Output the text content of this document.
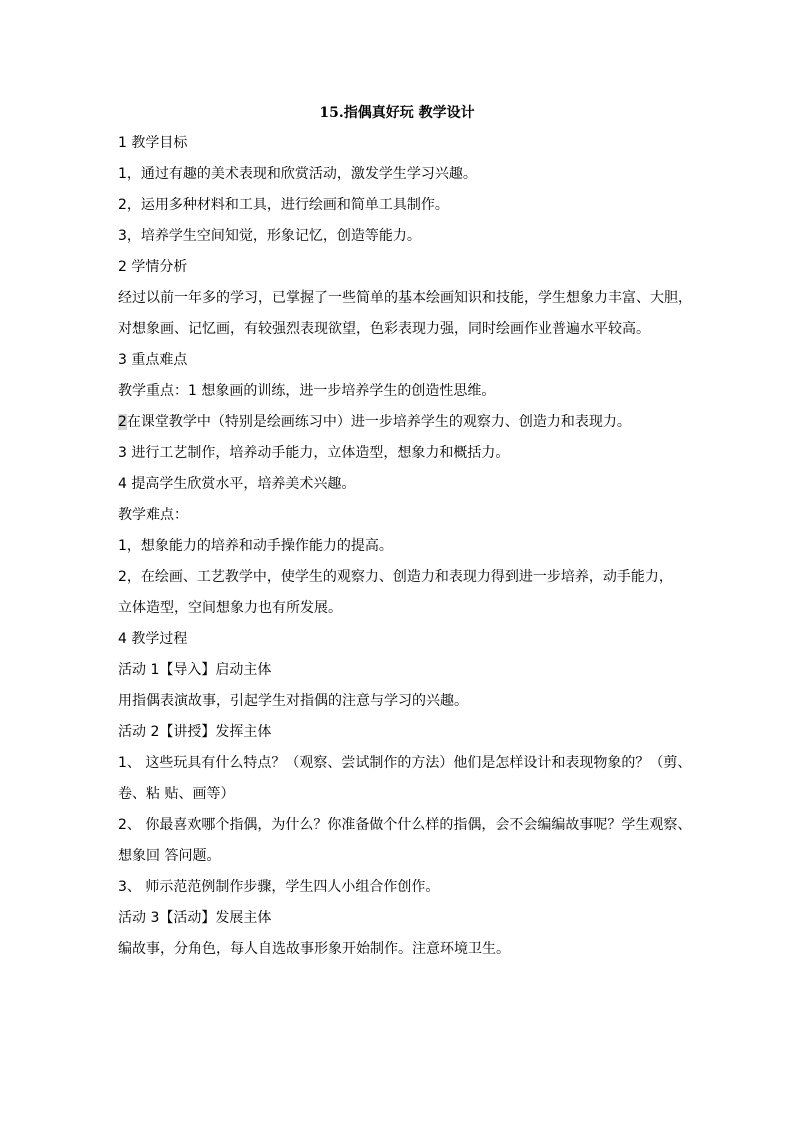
15.指偶真好玩 教学设计
1 教学目标
1，通过有趣的美术表现和欣赏活动，激发学生学习兴趣。
2，运用多种材料和工具，进行绘画和简单工具制作。
3，培养学生空间知觉，形象记忆，创造等能力。
2 学情分析
经过以前一年多的学习，已掌握了一些简单的基本绘画知识和技能，学生想象力丰富、大胆，
对想象画、记忆画，有较强烈表现欲望，色彩表现力强，同时绘画作业普遍水平较高。
3 重点难点
教学重点：1 想象画的训练，进一步培养学生的创造性思维。
2在课堂教学中（特别是绘画练习中）进一步培养学生的观察力、创造力和表现力。
3 进行工艺制作，培养动手能力，立体造型，想象力和概括力。
4 提高学生欣赏水平，培养美术兴趣。
教学难点：
1，想象能力的培养和动手操作能力的提高。
2，在绘画、工艺教学中，使学生的观察力、创造力和表现力得到进一步培养，动手能力，
立体造型，空间想象力也有所发展。
4 教学过程
活动 1【导入】启动主体
用指偶表演故事，引起学生对指偶的注意与学习的兴趣。
活动 2【讲授】发挥主体
1、 这些玩具有什么特点？（观察、尝试制作的方法）他们是怎样设计和表现物象的？（剪、
卷、粘 贴、画等）
2、 你最喜欢哪个指偶，为什么？你准备做个什么样的指偶，会不会编编故事呢？学生观察、
想象回 答问题。
3、 师示范范例制作步骤，学生四人小组合作创作。
活动 3【活动】发展主体
编故事，分角色，每人自选故事形象开始制作。注意环境卫生。
